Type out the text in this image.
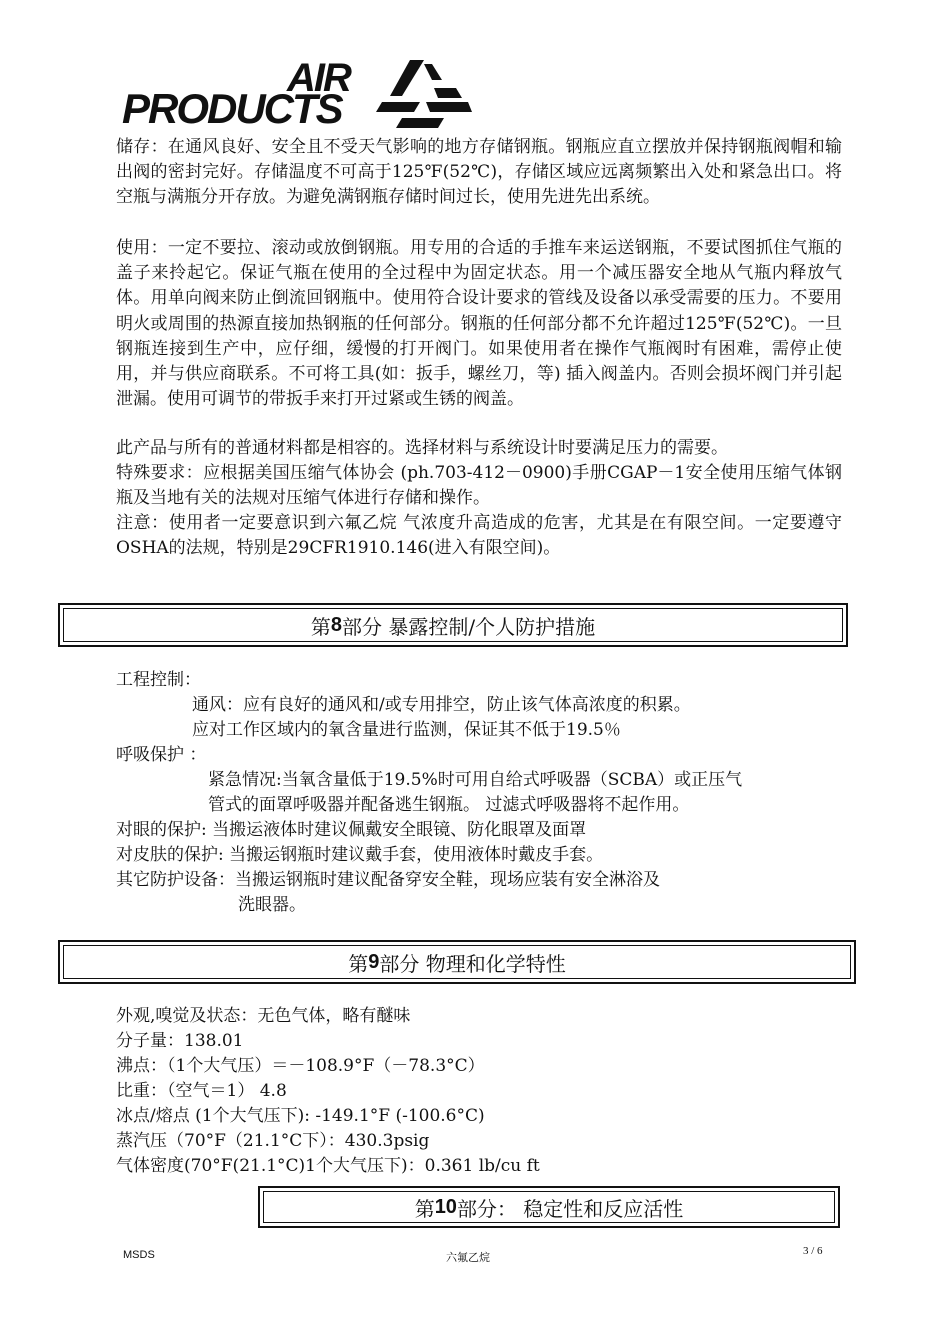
AIR
PRODUCTS

储存：在通风良好、安全且不受天气影响的地方存储钢瓶。钢瓶应直立摆放并保持钢瓶阀帽和输出阀的密封完好。存储温度不可高于125℉(52℃)，存储区域应远离频繁出入处和紧急出口。将空瓶与满瓶分开存放。为避免满钢瓶存储时间过长，使用先进先出系统。

使用：一定不要拉、滚动或放倒钢瓶。用专用的合适的手推车来运送钢瓶，不要试图抓住气瓶的盖子来拎起它。保证气瓶在使用的全过程中为固定状态。用一个减压器安全地从气瓶内释放气体。用单向阀来防止倒流回钢瓶中。使用符合设计要求的管线及设备以承受需要的压力。不要用明火或周围的热源直接加热钢瓶的任何部分。钢瓶的任何部分都不允许超过125℉(52℃)。一旦钢瓶连接到生产中，应仔细，缓慢的打开阀门。如果使用者在操作气瓶阀时有困难，需停止使用，并与供应商联系。不可将工具(如：扳手，螺丝刀，等) 插入阀盖内。否则会损坏阀门并引起泄漏。使用可调节的带扳手来打开过紧或生锈的阀盖。

此产品与所有的普通材料都是相容的。选择材料与系统设计时要满足压力的需要。

特殊要求：应根据美国压缩气体协会 (ph.703-412－0900)手册CGAP－1安全使用压缩气体钢瓶及当地有关的法规对压缩气体进行存储和操作。

注意：使用者一定要意识到六氟乙烷 气浓度升高造成的危害，尤其是在有限空间。一定要遵守OSHA的法规，特别是29CFR1910.146(进入有限空间)。

第 8 部分 暴露控制/个人防护措施
工程控制：
通风：应有良好的通风和/或专用排空，防止该气体高浓度的积累。
应对工作区域内的氧含量进行监测，保证其不低于19.5％
呼吸保护 ：
紧急情况:当氧含量低于19.5%时可用自给式呼吸器（SCBA）或正压气
管式的面罩呼吸器并配备逃生钢瓶。 过滤式呼吸器将不起作用。
对眼的保护: 当搬运液体时建议佩戴安全眼镜、防化眼罩及面罩
对皮肤的保护: 当搬运钢瓶时建议戴手套，使用液体时戴皮手套。
其它防护设备：当搬运钢瓶时建议配备穿安全鞋，现场应装有安全淋浴及
洗眼器。
第 9 部分 物理和化学特性
外观,嗅觉及状态：无色气体，略有醚味
分子量：138.01
沸点：（1个大气压）＝－108.9°F（－78.3°C）
比重：（空气＝1） 4.8
冰点/熔点 (1个大气压下): -149.1°F (-100.6°C)
蒸汽压（70°F（21.1°C下）：430.3psig
气体密度(70°F(21.1°C)1个大气压下)：0.361 lb/cu ft
第 10 部分： 稳定性和反应活性
MSDS	六氟乙烷	3 / 6
